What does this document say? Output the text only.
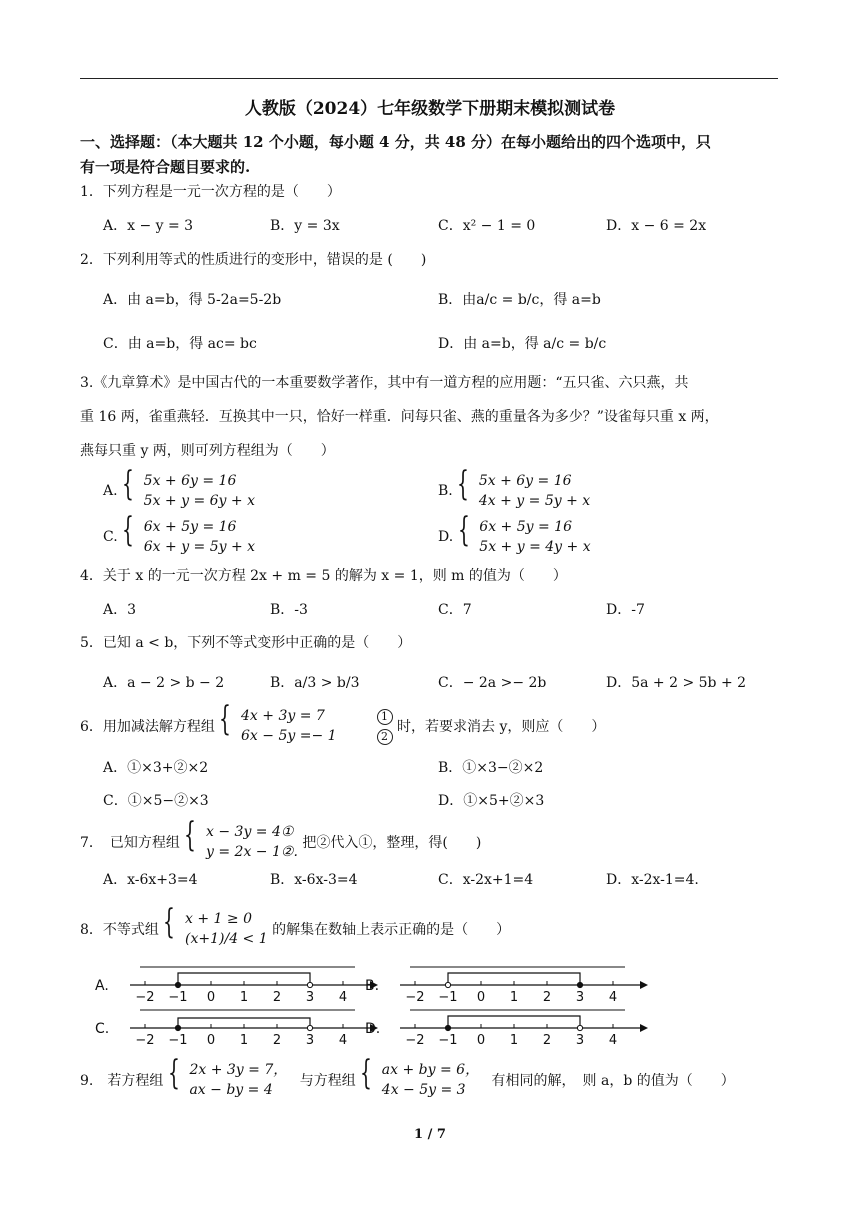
人教版（2024）七年级数学下册期末模拟测试卷
一、选择题：（本大题共 12 个小题，每小题 4 分，共 48 分）在每小题给出的四个选项中，只
有一项是符合题目要求的.
1．下列方程是一元一次方程的是（　　）
A．x − y = 3	B．y = 3x	C．x² − 1 = 0	D．x − 6 = 2x
2．下列利用等式的性质进行的变形中，错误的是 (　　)
A．由 a=b，得 5-2a=5-2b	B．由a/c = b/c，得 a=b
C．由 a=b，得 ac= bc	D．由 a=b，得 a/c = b/c
3.《九章算术》是中国古代的一本重要数学著作，其中有一道方程的应用题：“五只雀、六只燕，共
重 16 两，雀重燕轻．互换其中一只，恰好一样重．问每只雀、燕的重量各为多少？”设雀每只重 x 两，
燕每只重 y 两，则可列方程组为（　　）
A. { 5x + 6y = 16
5x + y = 6y + x
B. { 5x + 6y = 16
4x + y = 5y + x
C. { 6x + 5y = 16
6x + y = 5y + x
D. { 6x + 5y = 16
5x + y = 4y + x
4．关于 x 的一元一次方程 2x + m = 5 的解为 x = 1，则 m 的值为（　　）
A．3	B．-3	C．7	D．-7
5．已知 a < b，下列不等式变形中正确的是（　　）
A．a − 2 > b − 2	B．a/3 > b/3	C．− 2a >− 2b	D．5a + 2 > 5b + 2
6．用加减法解方程组 { 4x + 3y = 7
6x − 5y =− 1
1
2
时，若要求消去 y，则应（　　）
A．①×3+②×2	B．①×3−②×2
C．①×5−②×3	D．①×5+②×3
7．　已知方程组 { x − 3y = 4①
y = 2x − 1②.
把②代入①，整理，得(　　)
A．x-6x+3=4	B．x-6x-3=4	C．x-2x+1=4	D．x-2x-1=4.
8．不等式组 { x + 1 ≥ 0
(x+1)/4 < 1
的解集在数轴上表示正确的是（　　）
A.
−2 −1 0 1 2 3 4
B.
−2 −1 0 1 2 3 4
C.
−2 −1 0 1 2 3 4
D.
−2 −1 0 1 2 3 4
9.　若方程组 { 2x + 3y = 7，
ax − by = 4
与方程组 { ax + by = 6，
4x − 5y = 3
有相同的解，　则 a，b 的值为（　　）
1 / 7
